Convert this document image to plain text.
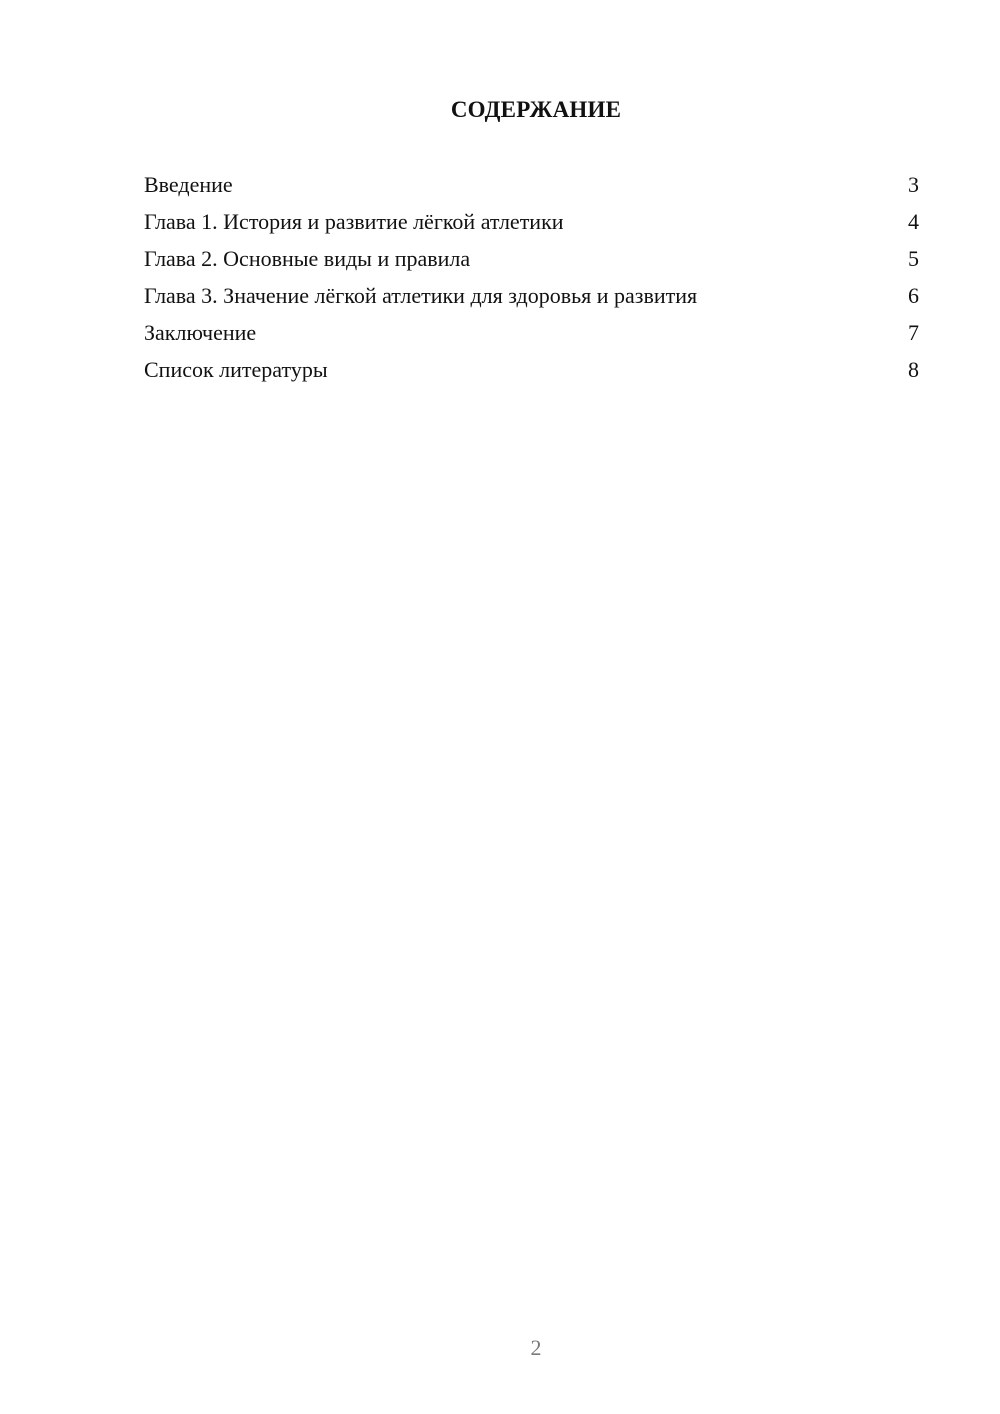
СОДЕРЖАНИЕ
Введение	3
Глава 1. История и развитие лёгкой атлетики	4
Глава 2. Основные виды и правила	5
Глава 3. Значение лёгкой атлетики для здоровья и развития	6
Заключение	7
Список литературы	8
2
